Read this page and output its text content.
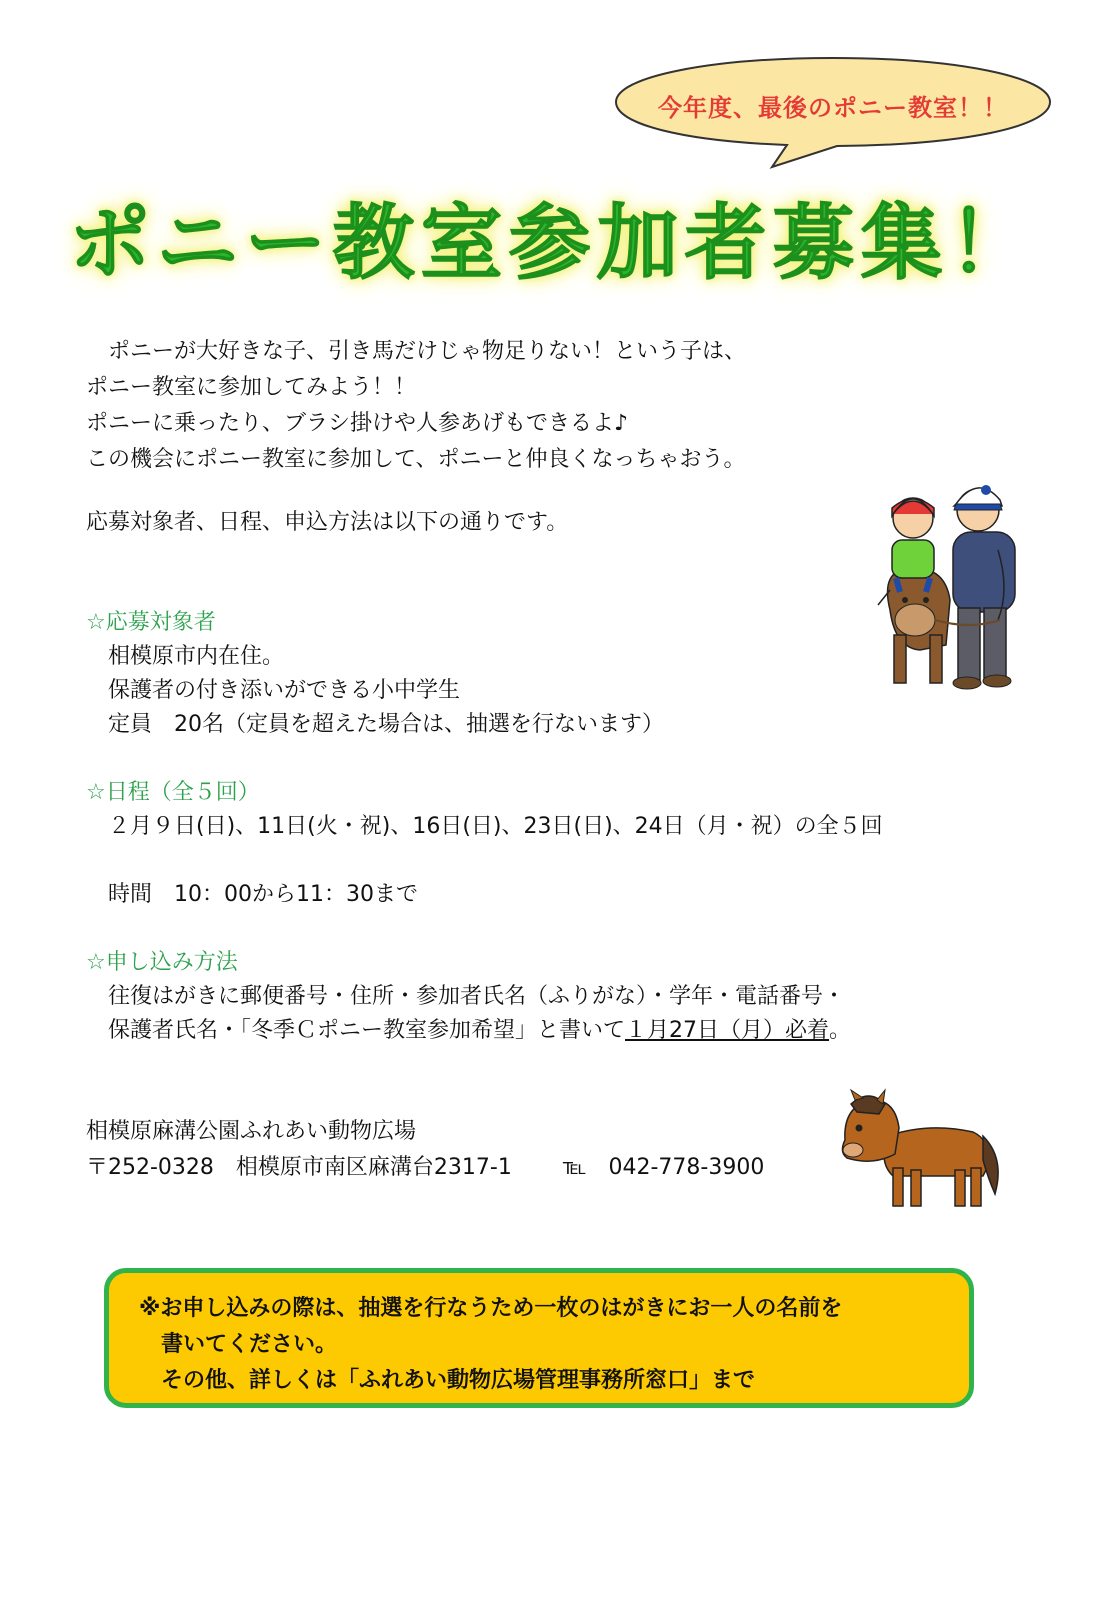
今年度、最後のポニー教室！！
ポニー教室参加者募集！
　ポニーが大好きな子、引き馬だけじゃ物足りない！という子は、
ポニー教室に参加してみよう！！
ポニーに乗ったり、ブラシ掛けや人参あげもできるよ♪
この機会にポニー教室に参加して、ポニーと仲良くなっちゃおう。
応募対象者、日程、申込方法は以下の通りです。
☆応募対象者
　相模原市内在住。
　保護者の付き添いができる小中学生
　定員　20名（定員を超えた場合は、抽選を行ないます）
☆日程（全５回）
　２月９日(日)、11日(火・祝)、16日(日)、23日(日)、24日（月・祝）の全５回
　時間　10：00から11：30まで
☆申し込み方法
　往復はがきに郵便番号・住所・参加者氏名（ふりがな）・学年・電話番号・
　保護者氏名・「冬季Ｃポニー教室参加希望」と書いて１月27日（月）必着。
相模原麻溝公園ふれあい動物広場
〒252-0328　相模原市南区麻溝台2317-1　　 ℡　042-778-3900
※お申し込みの際は、抽選を行なうため一枚のはがきにお一人の名前を
　書いてください。
　その他、詳しくは「ふれあい動物広場管理事務所窓口」まで
